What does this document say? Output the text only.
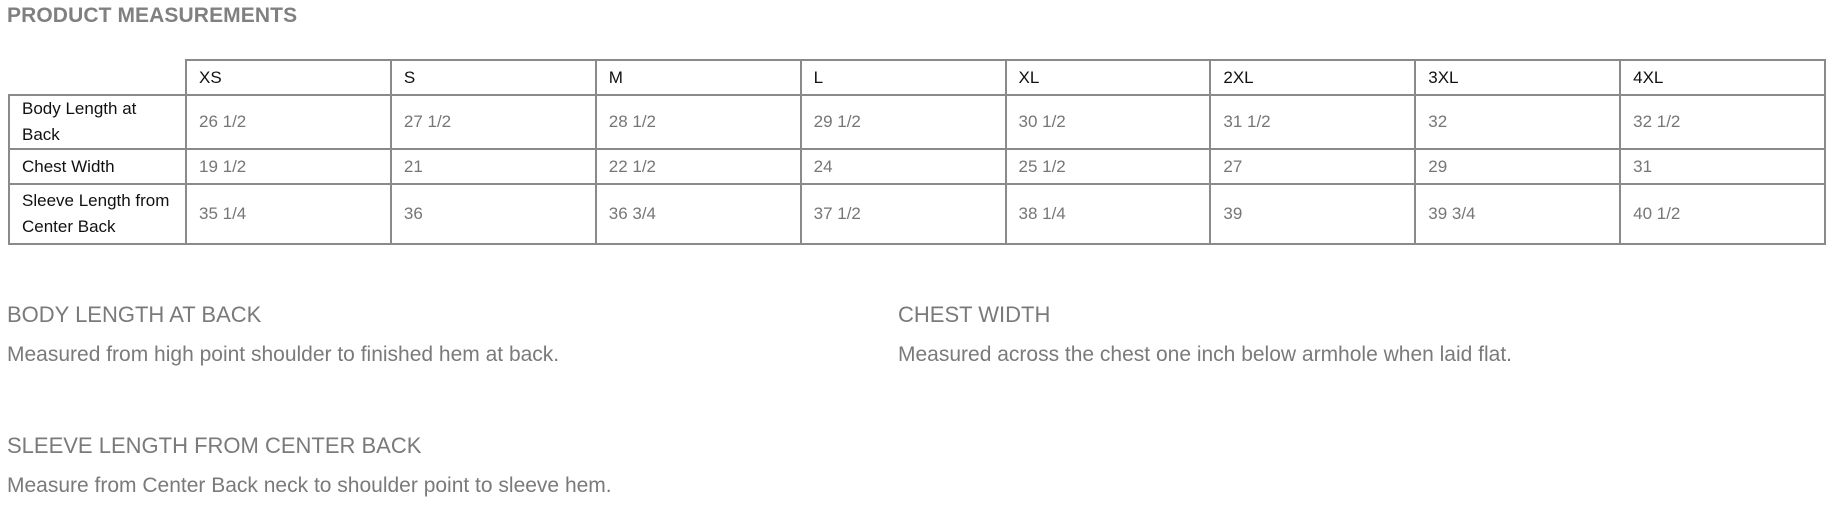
PRODUCT MEASUREMENTS
	XS	S	M	L	XL	2XL	3XL	4XL
Body Length at Back	26 1/2	27 1/2	28 1/2	29 1/2	30 1/2	31 1/2	32	32 1/2
Chest Width	19 1/2	21	22 1/2	24	25 1/2	27	29	31
Sleeve Length from Center Back	35 1/4	36	36 3/4	37 1/2	38 1/4	39	39 3/4	40 1/2
BODY LENGTH AT BACK
Measured from high point shoulder to finished hem at back.
CHEST WIDTH
Measured across the chest one inch below armhole when laid flat.
SLEEVE LENGTH FROM CENTER BACK
Measure from Center Back neck to shoulder point to sleeve hem.
